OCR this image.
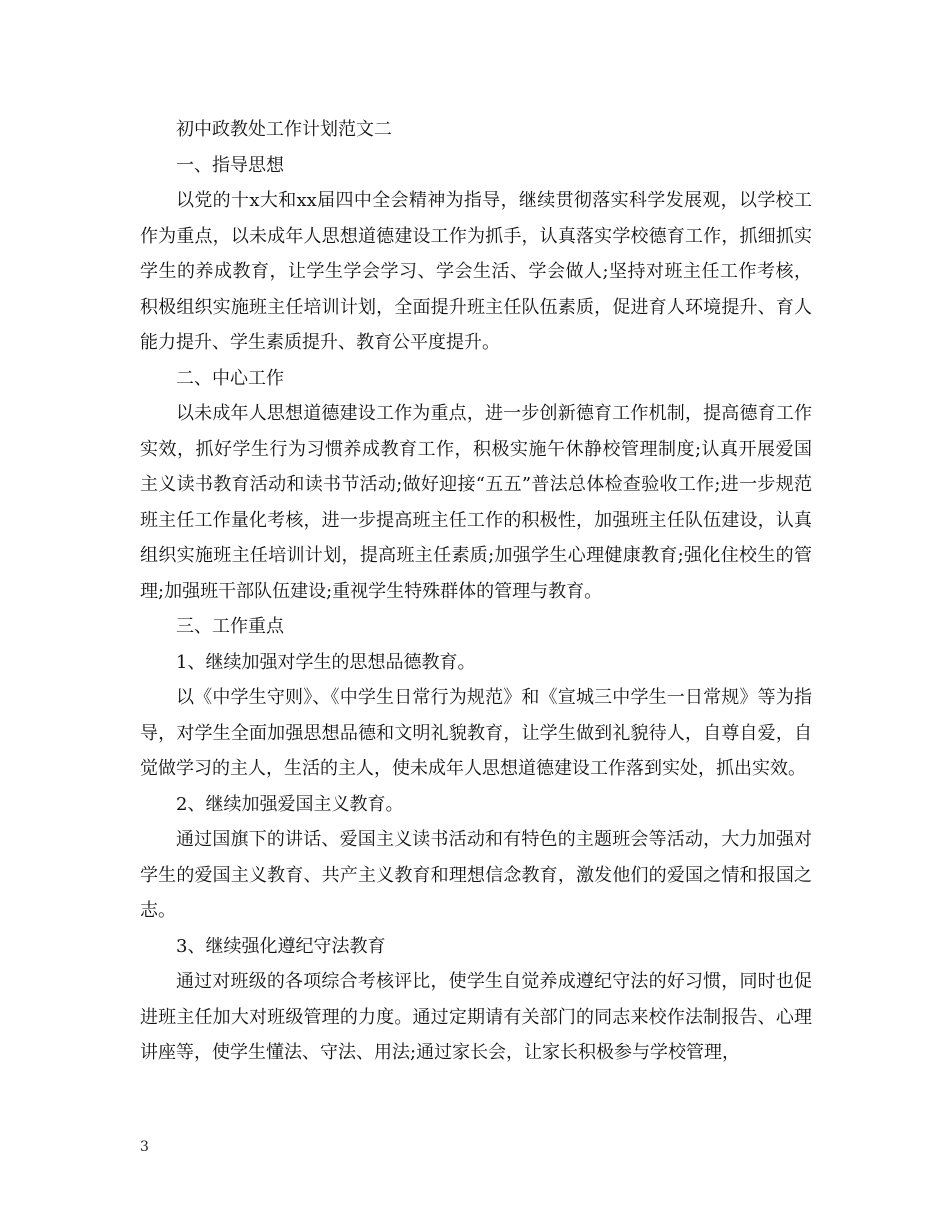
初中政教处工作计划范文二

一、指导思想

以党的十x大和xx届四中全会精神为指导，继续贯彻落实科学发展观，以学校工作为重点，以未成年人思想道德建设工作为抓手，认真落实学校德育工作，抓细抓实学生的养成教育，让学生学会学习、学会生活、学会做人;坚持对班主任工作考核，积极组织实施班主任培训计划，全面提升班主任队伍素质，促进育人环境提升、育人能力提升、学生素质提升、教育公平度提升。

二、中心工作

以未成年人思想道德建设工作为重点，进一步创新德育工作机制，提高德育工作实效，抓好学生行为习惯养成教育工作，积极实施午休静校管理制度;认真开展爱国主义读书教育活动和读书节活动;做好迎接“五五”普法总体检查验收工作;进一步规范班主任工作量化考核，进一步提高班主任工作的积极性，加强班主任队伍建设，认真组织实施班主任培训计划，提高班主任素质;加强学生心理健康教育;强化住校生的管理;加强班干部队伍建设;重视学生特殊群体的管理与教育。

三、工作重点

1、继续加强对学生的思想品德教育。

以《中学生守则》、《中学生日常行为规范》和《宣城三中学生一日常规》等为指导，对学生全面加强思想品德和文明礼貌教育，让学生做到礼貌待人，自尊自爱，自觉做学习的主人，生活的主人，使未成年人思想道德建设工作落到实处，抓出实效。

2、继续加强爱国主义教育。

通过国旗下的讲话、爱国主义读书活动和有特色的主题班会等活动，大力加强对学生的爱国主义教育、共产主义教育和理想信念教育，激发他们的爱国之情和报国之志。

3、继续强化遵纪守法教育

通过对班级的各项综合考核评比，使学生自觉养成遵纪守法的好习惯，同时也促进班主任加大对班级管理的力度。通过定期请有关部门的同志来校作法制报告、心理讲座等，使学生懂法、守法、用法;通过家长会，让家长积极参与学校管理，

3
